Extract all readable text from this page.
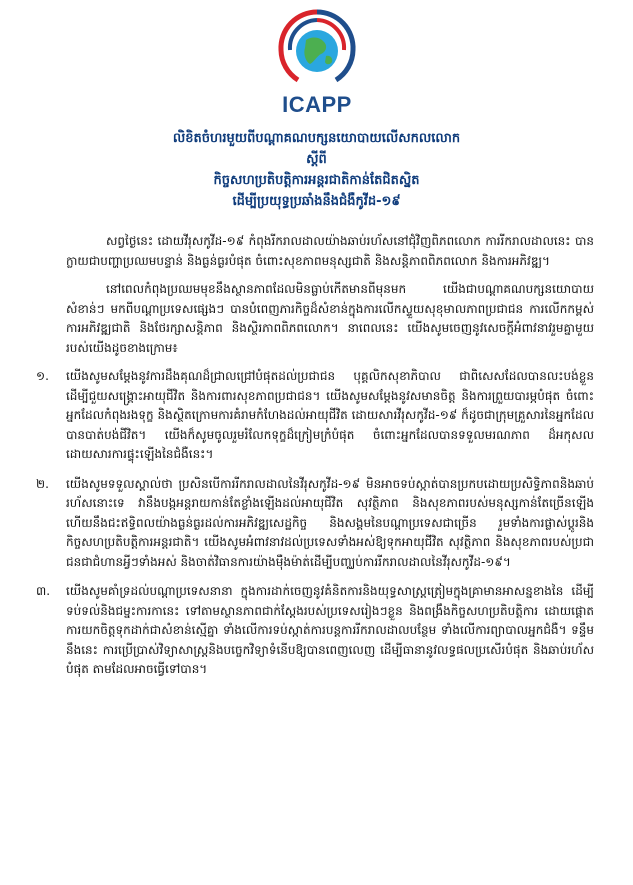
ICAPP
លិខិតចំហរមួយពីបណ្ដាគណបក្សនយោបាយលើសកលលោក
ស្ដីពី
កិច្ចសហប្រតិបត្តិការអន្តរជាតិកាន់តែជិតស្និត
ដើម្បីប្រយុទ្ធប្រឆាំងនឹងជំងឺកូវីដ-១៩

សព្វថ្ងៃនេះ ដោយវីរុសកូវីដ-១៩ កំពុងរីករាលដាលយ៉ាងឆាប់រហ័សនៅជុំវិញពិភពលោក ការរីករាលដាលនេះ បានក្លាយជាបញ្ហាប្រឈមបន្ទាន់ និងធ្ងន់ធ្ងរបំផុត ចំពោះសុខភាពមនុស្សជាតិ និងសន្តិភាពពិភពលោក និងការអភិវឌ្ឍ។

នៅពេលកំពុងប្រឈមមុខនឹងស្ថានភាពដែលមិនធ្លាប់កើតមានពីមុនមក យើងជាបណ្តាគណបក្សនយោបាយសំខាន់ៗ មកពីបណ្តាប្រទេសផ្សេងៗ បានបំពេញភារកិច្ចដ៏សំខាន់ក្នុងការលើកស្ទួយសុខុមាលភាពប្រជាជន ការលើកកម្ពស់ការអភិវឌ្ឍជាតិ និងថែរក្សាសន្តិភាព និងស្ថិរភាពពិភពលោក។ នាពេលនេះ យើងសូមចេញនូវសេចក្តីអំពាវនាវរួមគ្នាមួយ របស់យើងដូចខាងក្រោម៖

១. យើងសូមសម្តែងនូវការដឹងគុណដ៏ជ្រាលជ្រៅបំផុតដល់ប្រជាជន បុគ្គលិកសុខាភិបាល ជាពិសេសដែលបានលះបង់ខ្លួន ដើម្បីជួយសង្គ្រោះអាយុជីវិត និងការពារសុខភាពប្រជាជន។ យើងសូមសម្តែងនូវសមានចិត្ត និងការព្រួយបារម្ភបំផុត ចំពោះអ្នកដែលកំពុងរងទុក្ខ និងស្ថិតក្រោមការគំរាមកំហែងដល់អាយុជីវិត ដោយសារវីរុសកូវីដ-១៩ ក៏ដូចជាក្រុមគ្រួសារនៃអ្នកដែលបានបាត់បង់ជីវិត។ យើងក៏សូមចូលរួមរំលែកទុក្ខដ៏ក្រៀមក្រំបំផុត ចំពោះអ្នកដែលបានទទួលមរណភាព ដ៏អកុសលដោយសារការផ្ទុះឡើងនៃជំងឺនេះ។
២. យើងសូមទទួលស្គាល់ថា ប្រសិនបើការរីករាលដាលនៃវីរុសកូវីដ-១៩ មិនអាចទប់ស្កាត់បានប្រកបដោយប្រសិទ្ធិភាពនិងឆាប់រហ័សនោះទេ វានឹងបង្កអន្តរាយកាន់តែខ្លាំងឡើងដល់អាយុជីវិត សុវត្ថិភាព និងសុខភាពរបស់មនុស្សកាន់តែច្រើនឡើង ហើយនឹងជះឥទ្ធិពលយ៉ាងធ្ងន់ធ្ងរដល់ការអភិវឌ្ឍសេដ្ឋកិច្ច និងសង្គមនៃបណ្តាប្រទេសជាច្រើន រួមទាំងការផ្លាស់ប្តូរនិងកិច្ចសហប្រតិបត្តិការអន្តរជាតិ។ យើងសូមអំពាវនាវដល់ប្រទេសទាំងអស់ឱ្យទុកអាយុជីវិត សុវត្ថិភាព និងសុខភាពរបស់ប្រជាជនជាជំហានអ្វីៗទាំងអស់ និងចាត់វិធានការយ៉ាងម៉ឺងម៉ាត់ដើម្បីបញ្ឈប់ការរីករាលដាលនៃវីរុសកូវីដ-១៩។
៣. យើងសូមគាំទ្រដល់បណ្តាប្រទេសនានា ក្នុងការដាក់ចេញនូវគំនិតការនិងយុទ្ធសាស្ត្រត្រៀមក្នុងគ្រាមានអាសន្នខាងនៃ ដើម្បីទប់ទល់និងជម្នះការកានេះ ទៅតាមស្ថានភាពជាក់ស្តែងរបស់ប្រទេសរៀងៗខ្លួន និងពង្រឹងកិច្ចសហប្រតិបត្តិការ ដោយផ្តោតការយកចិត្តទុកដាក់ជាសំខាន់ស្មើគ្នា ទាំងលើការទប់ស្កាត់ការបន្តការរីករាលដាលបន្ថែម ទាំងលើការព្យាបាលអ្នកជំងឺ។ ទន្ទឹមនឹងនេះ ការប្រើប្រាស់វិទ្យាសាស្ត្រនិងបច្ចេកវិទ្យាទំនើបឱ្យបានពេញលេញ ដើម្បីធានានូវលទ្ធផលប្រសើរបំផុត និងឆាប់រហ័សបំផុត តាមដែលអាចធ្វើទៅបាន។
